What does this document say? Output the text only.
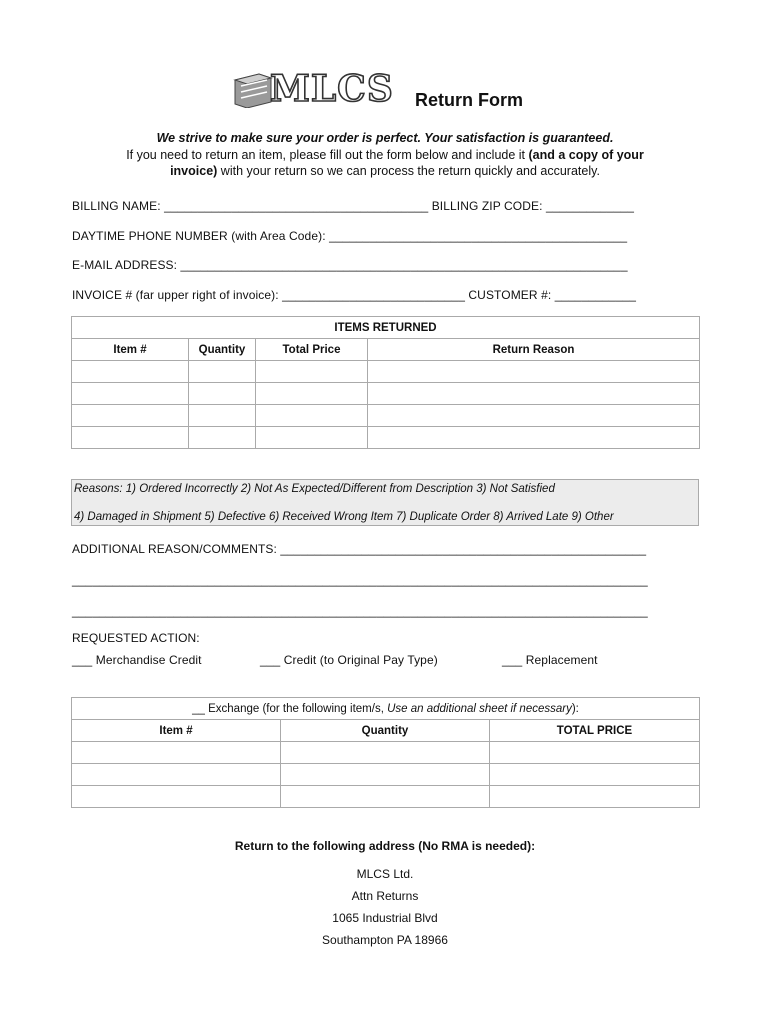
MLCS Return Form
We strive to make sure your order is perfect. Your satisfaction is guaranteed.
If you need to return an item, please fill out the form below and include it (and a copy of your
invoice) with your return so we can process the return quickly and accurately.
BILLING NAME: _______________________________________ BILLING ZIP CODE: _____________
DAYTIME PHONE NUMBER (with Area Code): ____________________________________________
E-MAIL ADDRESS: __________________________________________________________________
INVOICE # (far upper right of invoice): ___________________________ CUSTOMER #: ____________
ITEMS RETURNED			
Item #	Quantity	Total Price	Return Reason

Reasons: 1) Ordered Incorrectly 2) Not As Expected/Different from Description 3) Not Satisfied
4) Damaged in Shipment 5) Defective 6) Received Wrong Item 7) Duplicate Order 8) Arrived Late 9) Other
ADDITIONAL REASON/COMMENTS: ______________________________________________________
_____________________________________________________________________________________
_____________________________________________________________________________________
REQUESTED ACTION:
___ Merchandise Credit	___ Credit (to Original Pay Type)	___ Replacement
__ Exchange (for the following item/s, Use an additional sheet if necessary):		
Item #	Quantity	TOTAL PRICE

Return to the following address (No RMA is needed):
MLCS Ltd.
Attn Returns
1065 Industrial Blvd
Southampton PA 18966
